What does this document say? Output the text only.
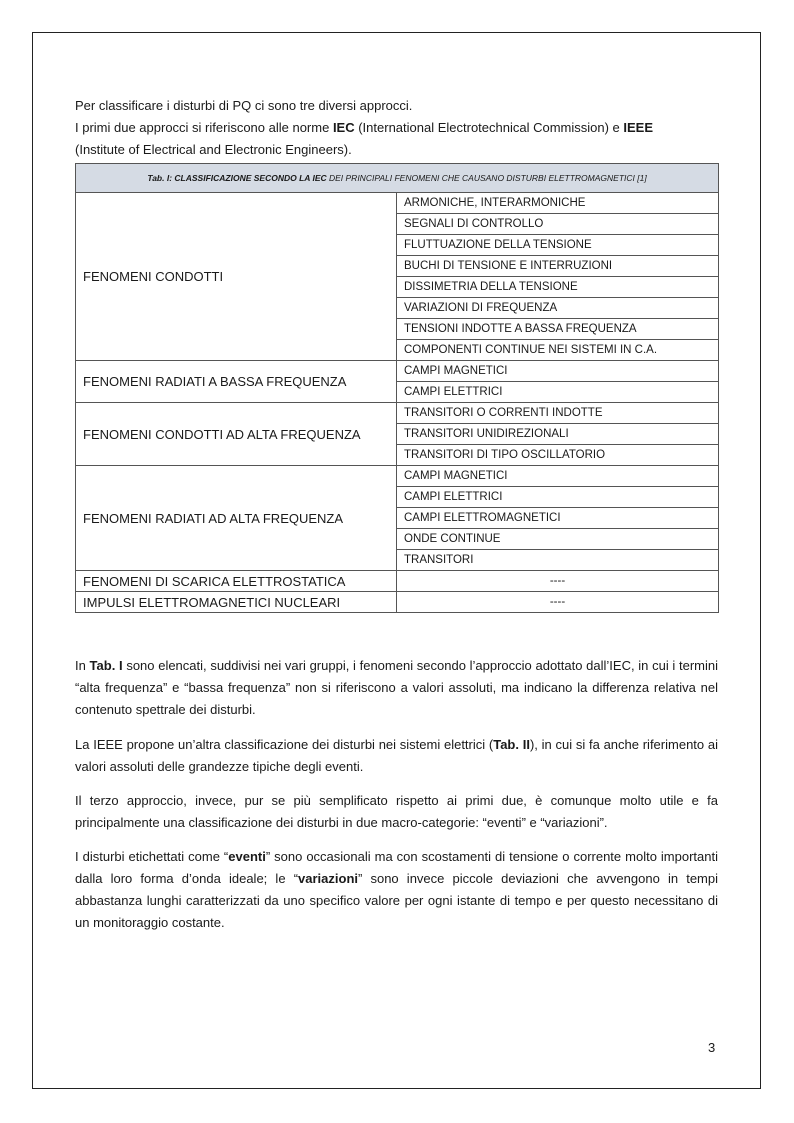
Per classificare i disturbi di PQ ci sono tre diversi approcci.
I primi due approcci si riferiscono alle norme IEC (International Electrotechnical Commission) e IEEE
(Institute of Electrical and Electronic Engineers).
Tab. I: CLASSIFICAZIONE SECONDO LA IEC DEI PRINCIPALI FENOMENI CHE CAUSANO DISTURBI ELETTROMAGNETICI [1]	
FENOMENI CONDOTTI	ARMONICHE, INTERARMONICHE
	SEGNALI DI CONTROLLO
	FLUTTUAZIONE DELLA TENSIONE
	BUCHI DI TENSIONE E INTERRUZIONI
	DISSIMETRIA DELLA TENSIONE
	VARIAZIONI DI FREQUENZA
	TENSIONI INDOTTE A BASSA FREQUENZA
	COMPONENTI CONTINUE NEI SISTEMI IN C.A.
FENOMENI RADIATI A BASSA FREQUENZA	CAMPI MAGNETICI
	CAMPI ELETTRICI
FENOMENI CONDOTTI AD ALTA FREQUENZA	TRANSITORI O CORRENTI INDOTTE
	TRANSITORI UNIDIREZIONALI
	TRANSITORI DI TIPO OSCILLATORIO
FENOMENI RADIATI AD ALTA FREQUENZA	CAMPI MAGNETICI
	CAMPI ELETTRICI
	CAMPI ELETTROMAGNETICI
	ONDE CONTINUE
	TRANSITORI
FENOMENI DI SCARICA ELETTROSTATICA	----
IMPULSI ELETTROMAGNETICI NUCLEARI	----
In Tab. I sono elencati, suddivisi nei vari gruppi, i fenomeni secondo l’approccio adottato dall’IEC, in cui i termini “alta frequenza” e “bassa frequenza” non si riferiscono a valori assoluti, ma indicano la differenza relativa nel contenuto spettrale dei disturbi.
La IEEE propone un’altra classificazione dei disturbi nei sistemi elettrici (Tab. II), in cui si fa anche riferimento ai valori assoluti delle grandezze tipiche degli eventi.
Il terzo approccio, invece, pur se più semplificato rispetto ai primi due, è comunque molto utile e fa principalmente una classificazione dei disturbi in due macro-categorie: “eventi” e “variazioni”.
I disturbi etichettati come “eventi” sono occasionali ma con scostamenti di tensione o corrente molto importanti dalla loro forma d’onda ideale; le “variazioni” sono invece piccole deviazioni che avvengono in tempi abbastanza lunghi caratterizzati da uno specifico valore per ogni istante di tempo e per questo necessitano di un monitoraggio costante.
3
